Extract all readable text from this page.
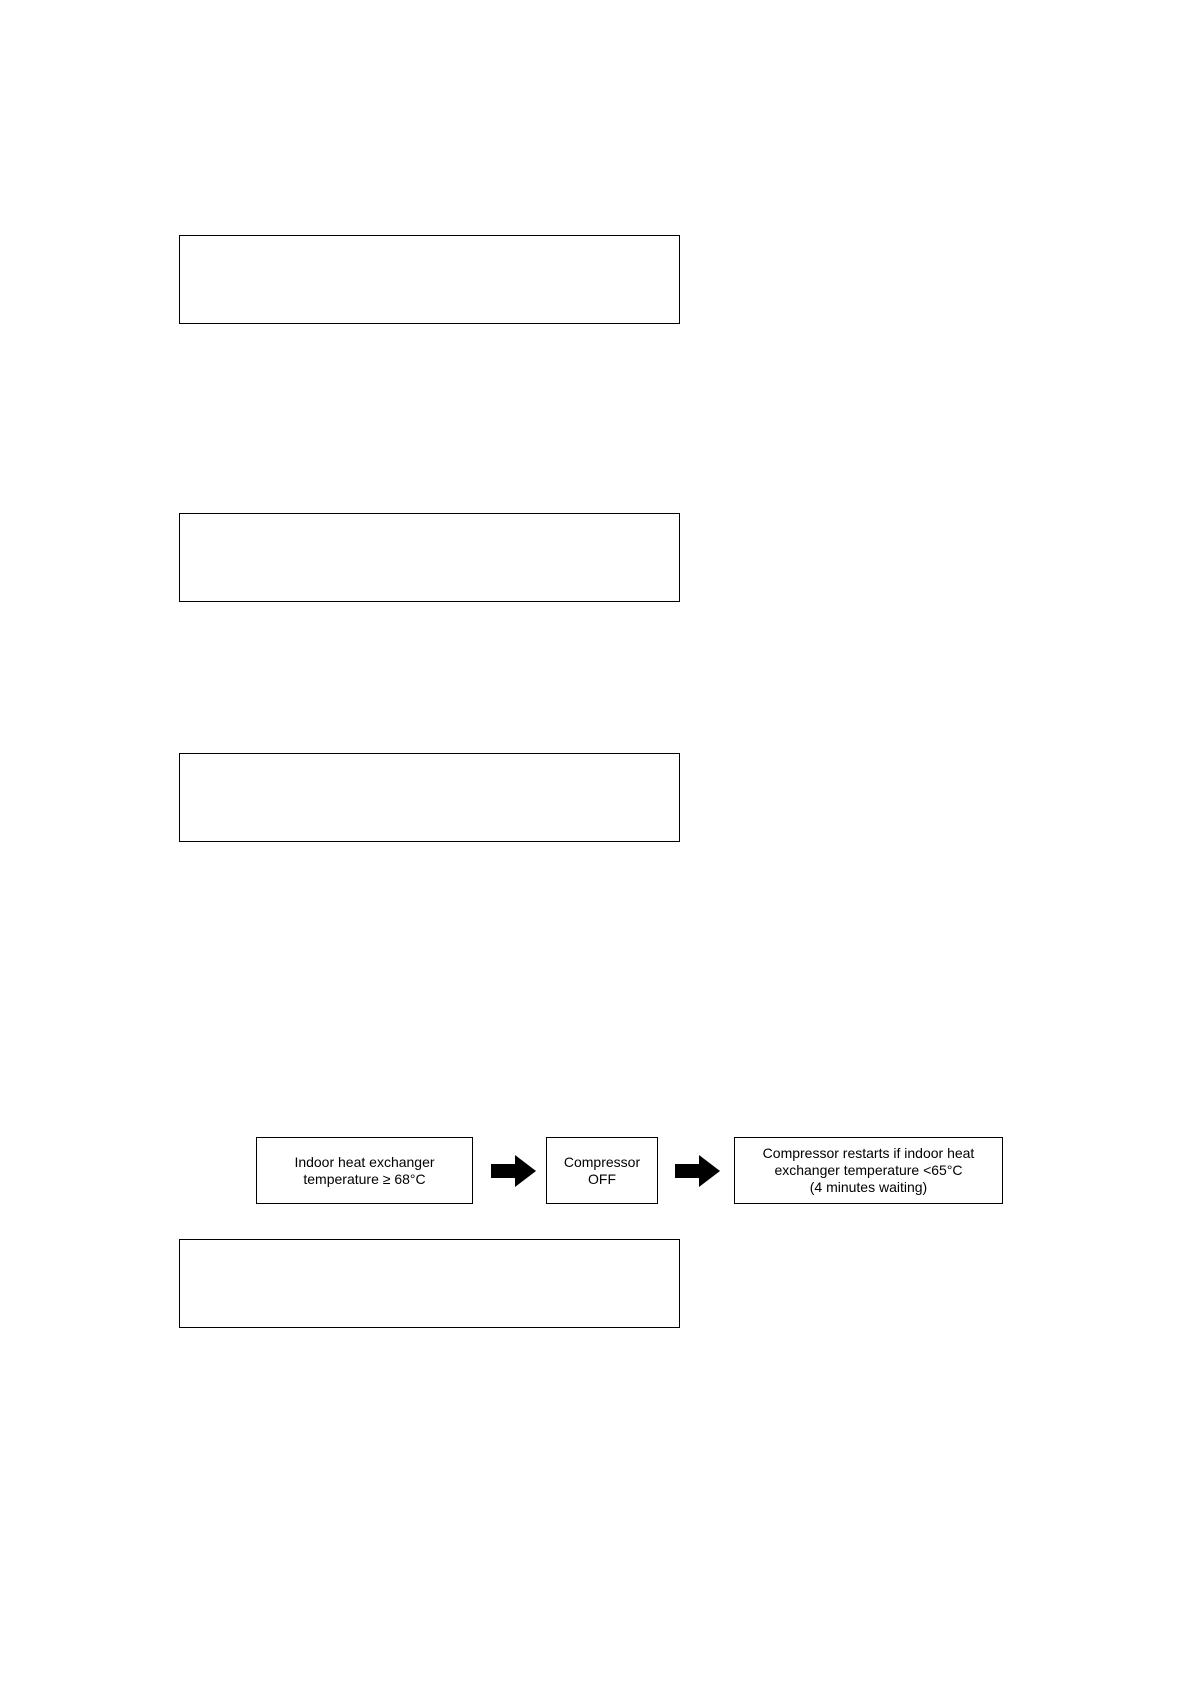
Indoor heat exchanger
temperature ≥ 68°C
Compressor
OFF
Compressor restarts if indoor heat
exchanger temperature <65°C
(4 minutes waiting)
